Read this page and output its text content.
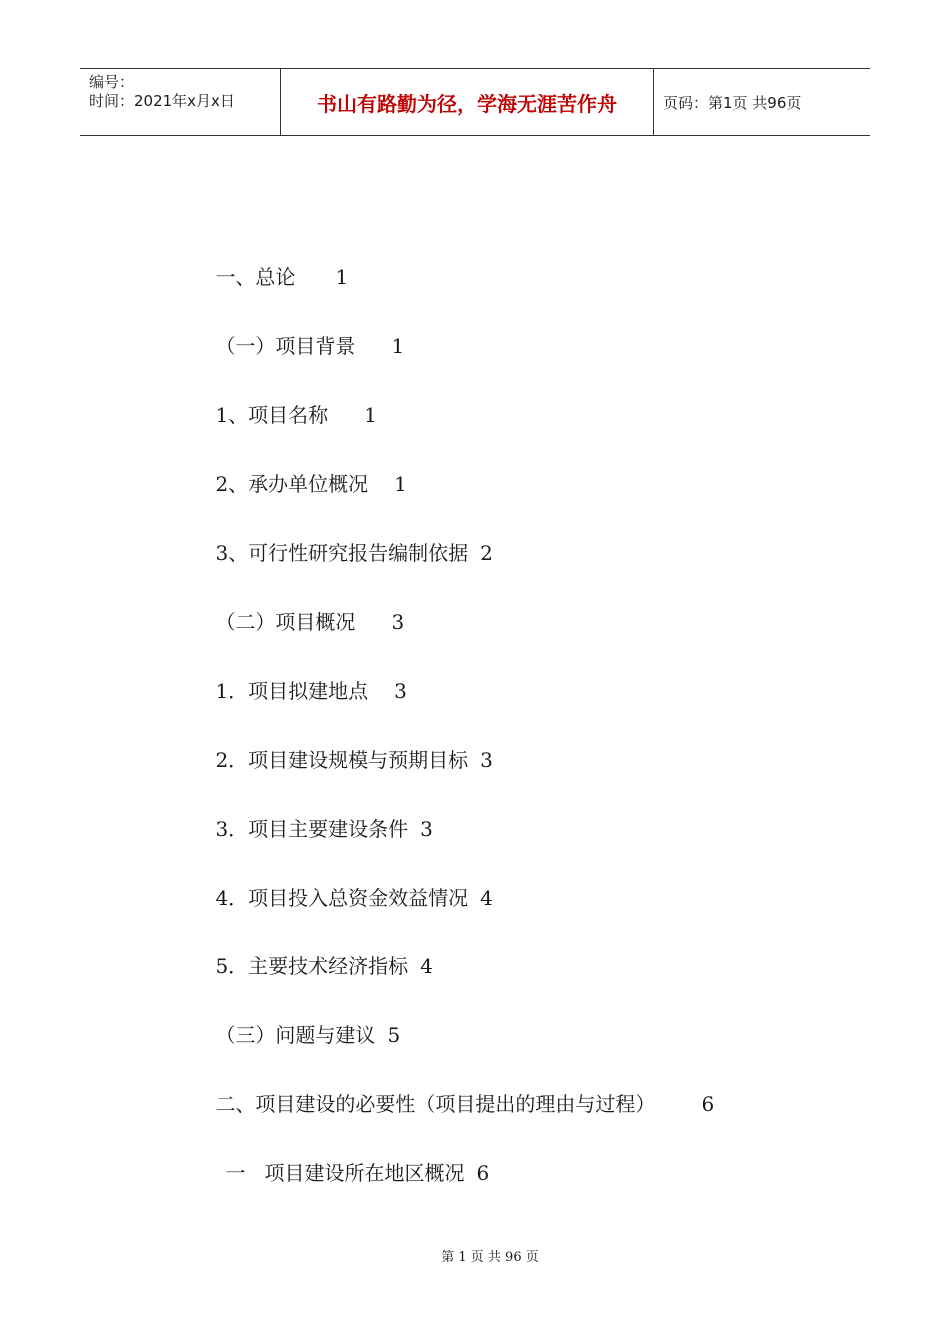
编号：
时间：2021年x月x日	书山有路勤为径，学海无涯苦作舟	页码：第1页 共96页

一、总论 1

（一）项目背景 1

1、项目名称 1

2、承办单位概况 1

3、可行性研究报告编制依据 2

（二）项目概况 3

1．项目拟建地点 3

2．项目建设规模与预期目标 3

3．项目主要建设条件 3

4．项目投入总资金效益情况 4

5．主要技术经济指标 4

（三）问题与建议 5

二、项目建设的必要性（项目提出的理由与过程） 6

一   项目建设所在地区概况 6

第 1 页 共 96 页
